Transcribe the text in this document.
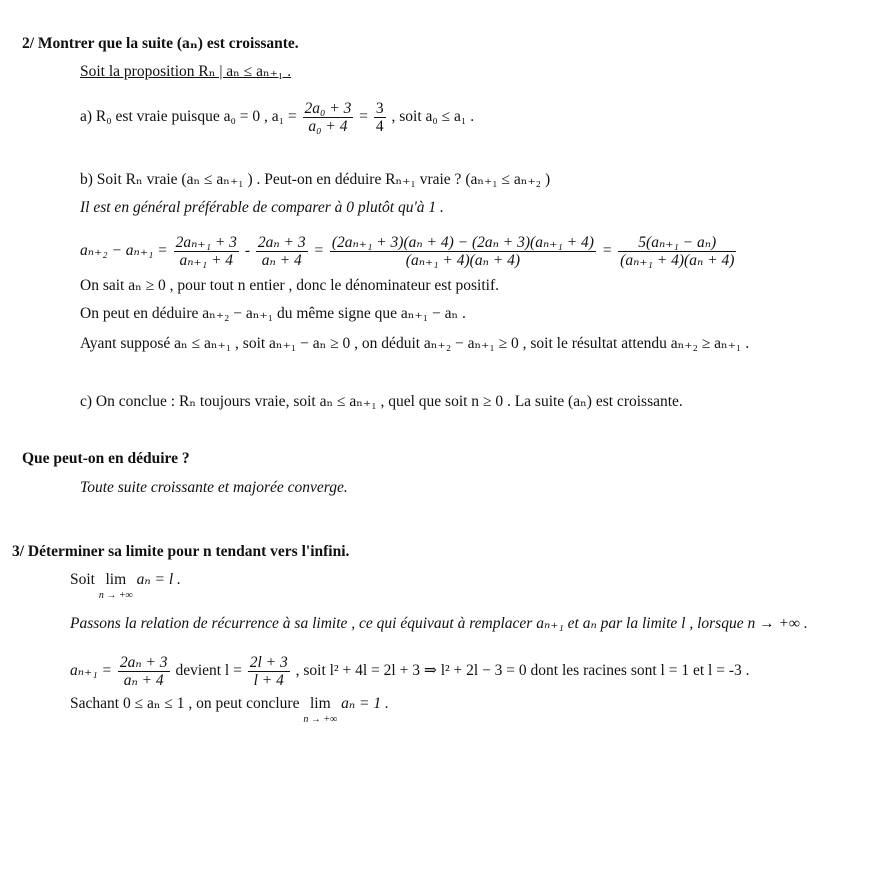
2/ Montrer que la suite (aₙ) est croissante.
Soit la proposition Rₙ | aₙ ≤ aₙ₊₁ .
a) R₀ est vraie puisque a₀ = 0 , $a_1 = \frac{\text{2a₀ + 3}}{\text{a₀ + 4}} = \frac{3}{4}$ , soit a₀ ≤ a₁ .
b) Soit Rₙ vraie (aₙ ≤ aₙ₊₁ ) . Peut-on en déduire Rₙ₊₁ vraie ? (aₙ₊₁ ≤ aₙ₊₂ )
Il est en général préférable de comparer à 0 plutôt qu'à 1 .
$a_{n+2} - a_{n+1} = \frac{\text{2aₙ₊₁ + 3}}{\text{aₙ₊₁ + 4}} - \frac{\text{2aₙ + 3}}{\text{aₙ + 4}} = \frac{\text{(2aₙ₊₁ + 3)(aₙ + 4) − (2aₙ + 3)(aₙ₊₁ + 4)}}{\text{(aₙ₊₁ + 4)(aₙ + 4)}} = \frac{\text{5(aₙ₊₁ − aₙ)}}{\text{(aₙ₊₁ + 4)(aₙ + 4)}}$
On sait aₙ ≥ 0 , pour tout n entier , donc le dénominateur est positif.
On peut en déduire aₙ₊₂ − aₙ₊₁ du même signe que aₙ₊₁ − aₙ .
Ayant supposé aₙ ≤ aₙ₊₁ , soit aₙ₊₁ − aₙ ≥ 0 , on déduit aₙ₊₂ − aₙ₊₁ ≥ 0 , soit le résultat attendu aₙ₊₂ ≥ aₙ₊₁ .
c) On conclue : Rₙ toujours vraie, soit aₙ ≤ aₙ₊₁ , quel que soit n ≥ 0 . La suite (aₙ) est croissante.
Que peut-on en déduire ?
Toute suite croissante et majorée converge.
3/ Déterminer sa limite pour n tendant vers l'infini.
Soit lim
n → +∞
aₙ = l .
Passons la relation de récurrence à sa limite , ce qui équivaut à remplacer aₙ₊₁ et aₙ par la limite l , lorsque n → +∞ .
$a_{n+1} = \frac{\text{2aₙ + 3}}{\text{aₙ + 4}}$ devient $l = \frac{2l + 3}{l + 4}$ , soit l² + 4l = 2l + 3 ⇒ l² + 2l − 3 = 0 dont les racines sont l = 1 et l = -3 .
Sachant 0 ≤ aₙ ≤ 1 , on peut conclure lim
n → +∞
aₙ = 1 .
